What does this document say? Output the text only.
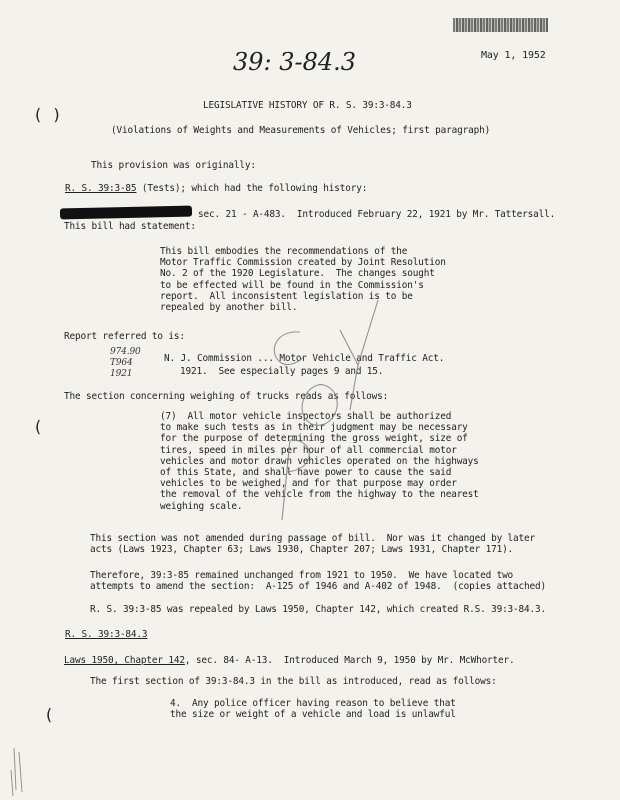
39: 3-84.3	May 1, 1952
( )
(
(
LEGISLATIVE HISTORY OF R. S. 39:3-84.3
(Violations of Weights and Measurements of Vehicles; first paragraph)
This provision was originally:
R. S. 39:3-85 (Tests); which had the following history:
sec. 21 - A-483.  Introduced February 22, 1921 by Mr. Tattersall.
This bill had statement:
This bill embodies the recommendations of the
Motor Traffic Commission created by Joint Resolution
No. 2 of the 1920 Legislature.  The changes sought
to be effected will be found in the Commission's
report.  All inconsistent legislation is to be
repealed by another bill.
Report referred to is:
974.90
T964
1921
N. J. Commission ... Motor Vehicle and Traffic Act.
1921.  See especially pages 9 and 15.
The section concerning weighing of trucks reads as follows:
(7)  All motor vehicle inspectors shall be authorized
to make such tests as in their judgment may be necessary
for the purpose of determining the gross weight, size of
tires, speed in miles per hour of all commercial motor
vehicles and motor drawn vehicles operated on the highways
of this State, and shall have power to cause the said
vehicles to be weighed, and for that purpose may order
the removal of the vehicle from the highway to the nearest
weighing scale.
This section was not amended during passage of bill.  Nor was it changed by later
acts (Laws 1923, Chapter 63; Laws 1930, Chapter 207; Laws 1931, Chapter 171).
Therefore, 39:3-85 remained unchanged from 1921 to 1950.  We have located two
attempts to amend the section:  A-125 of 1946 and A-402 of 1948.  (copies attached)
R. S. 39:3-85 was repealed by Laws 1950, Chapter 142, which created R.S. 39:3-84.3.
R. S. 39:3-84.3
Laws 1950, Chapter 142, sec. 84- A-13.  Introduced March 9, 1950 by Mr. McWhorter.
The first section of 39:3-84.3 in the bill as introduced, read as follows:
4.  Any police officer having reason to believe that
the size or weight of a vehicle and load is unlawful
